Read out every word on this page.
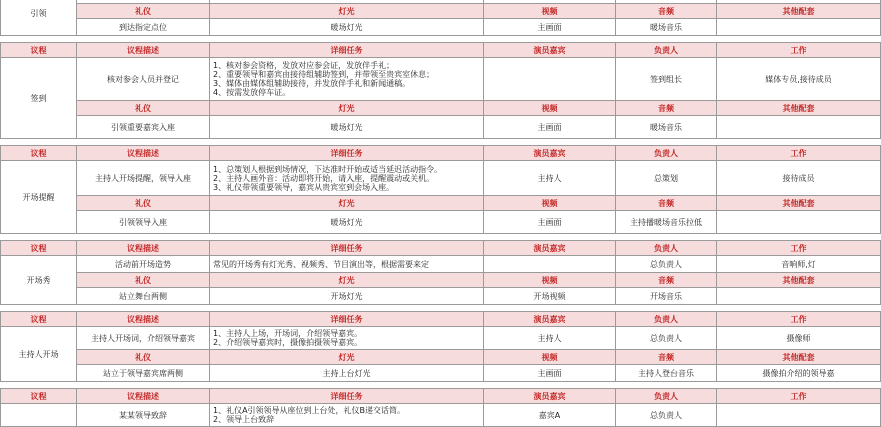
引领						
	礼仪	灯光	视频	音频	其他配套	
	到达指定点位	暖场灯光	主画面	暖场音乐		

议程	议程描述	详细任务	演员嘉宾	负责人	工作	
签到	核对参会人员并登记	1、核对参会资格，发放对应参会证，发放伴手礼；
2、重要领导和嘉宾由接待组辅助签到，并带领至贵宾室休息；
3、媒体由媒体组辅助接待，并发放伴手礼和新闻通稿。
4、按需发放停车证。		签到组长	媒体专员,接待成员	
	礼仪	灯光	视频	音频	其他配套	
	引领重要嘉宾入座	暖场灯光	主画面	暖场音乐		

议程	议程描述	详细任务	演员嘉宾	负责人	工作	
开场提醒	主持人开场提醒，领导入座	1、总策划人根据到场情况，下达准时开始或适当延迟活动指令。
2、主持人画外音：活动即将开始，请入座，提醒震动或关机。
3、礼仪带领重要领导，嘉宾从贵宾室到会场入座。	主持人	总策划	接待成员	
	礼仪	灯光	视频	音频	其他配套	
	引领领导入座	暖场灯光	主画面	主持播暖场音乐拉低		

议程	议程描述	详细任务	演员嘉宾	负责人	工作	
开场秀	活动前开场造势	常见的开场秀有灯光秀、视频秀、节目演出等，根据需要来定		总负责人	音响师,灯	
	礼仪	灯光	视频	音频	其他配套	
	站立舞台两侧	开场灯光	开场视频	开场音乐		

议程	议程描述	详细任务	演员嘉宾	负责人	工作	
主持人开场	主持人开场词，介绍领导嘉宾	1、主持人上场，开场词，介绍领导嘉宾。
2、介绍领导嘉宾时，摄像拍摄领导嘉宾。	主持人	总负责人	摄像师	
	礼仪	灯光	视频	音频	其他配套	
	站立于领导嘉宾席两侧	主持上台灯光	主画面	主持人登台音乐	摄像拍介绍的领导嘉	

议程	议程描述	详细任务	演员嘉宾	负责人	工作	
	某某领导致辞	1、礼仪A引领领导从座位到上台处，礼仪B递交话筒。
2、领导上台致辞	嘉宾A	总负责人		
